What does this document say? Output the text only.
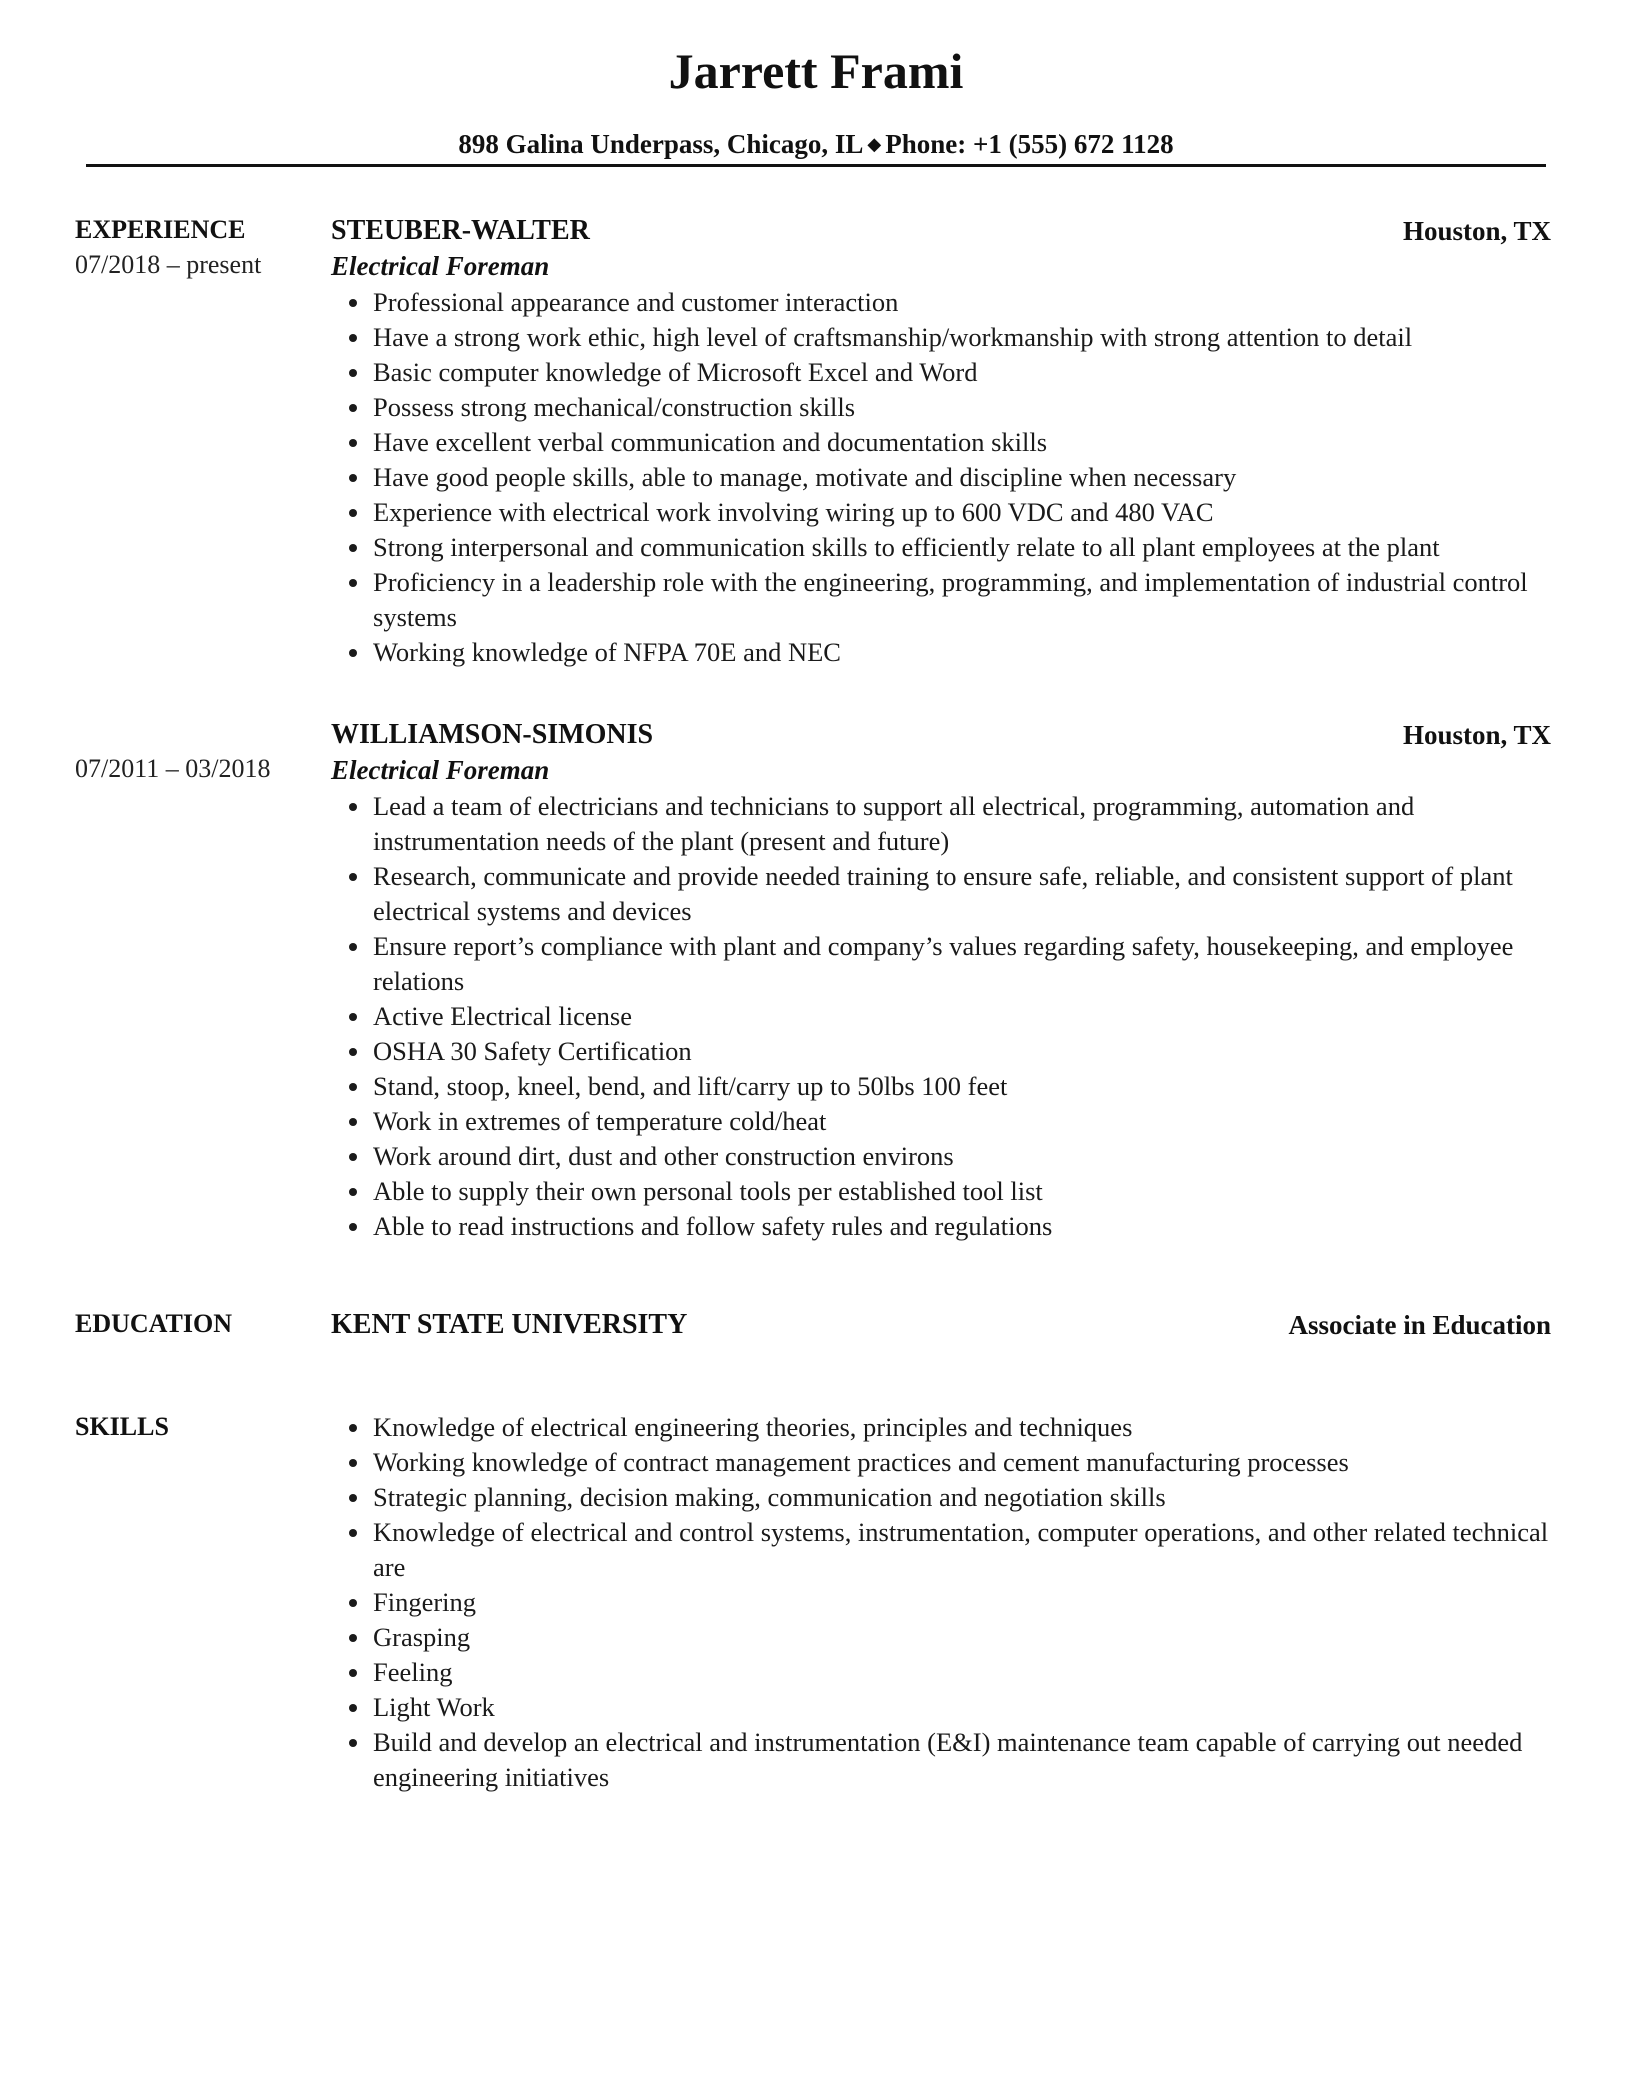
Jarrett Frami
898 Galina Underpass, Chicago, IL ◆ Phone: +1 (555) 672 1128
EXPERIENCE
07/2018 – present
STEUBER-WALTER	Houston, TX
Electrical Foreman
Professional appearance and customer interaction
Have a strong work ethic, high level of craftsmanship/workmanship with strong attention to detail
Basic computer knowledge of Microsoft Excel and Word
Possess strong mechanical/construction skills
Have excellent verbal communication and documentation skills
Have good people skills, able to manage, motivate and discipline when necessary
Experience with electrical work involving wiring up to 600 VDC and 480 VAC
Strong interpersonal and communication skills to efficiently relate to all plant employees at the plant
Proficiency in a leadership role with the engineering, programming, and implementation of industrial control systems
Working knowledge of NFPA 70E and NEC
07/2011 – 03/2018
WILLIAMSON-SIMONIS	Houston, TX
Electrical Foreman
Lead a team of electricians and technicians to support all electrical, programming, automation and instrumentation needs of the plant (present and future)
Research, communicate and provide needed training to ensure safe, reliable, and consistent support of plant electrical systems and devices
Ensure report’s compliance with plant and company’s values regarding safety, housekeeping, and employee relations
Active Electrical license
OSHA 30 Safety Certification
Stand, stoop, kneel, bend, and lift/carry up to 50lbs 100 feet
Work in extremes of temperature cold/heat
Work around dirt, dust and other construction environs
Able to supply their own personal tools per established tool list
Able to read instructions and follow safety rules and regulations
EDUCATION	KENT STATE UNIVERSITY	Associate in Education
SKILLS	Knowledge of electrical engineering theories, principles and techniques
Working knowledge of contract management practices and cement manufacturing processes
Strategic planning, decision making, communication and negotiation skills
Knowledge of electrical and control systems, instrumentation, computer operations, and other related technical are
Fingering
Grasping
Feeling
Light Work
Build and develop an electrical and instrumentation (E&I) maintenance team capable of carrying out needed engineering initiatives
